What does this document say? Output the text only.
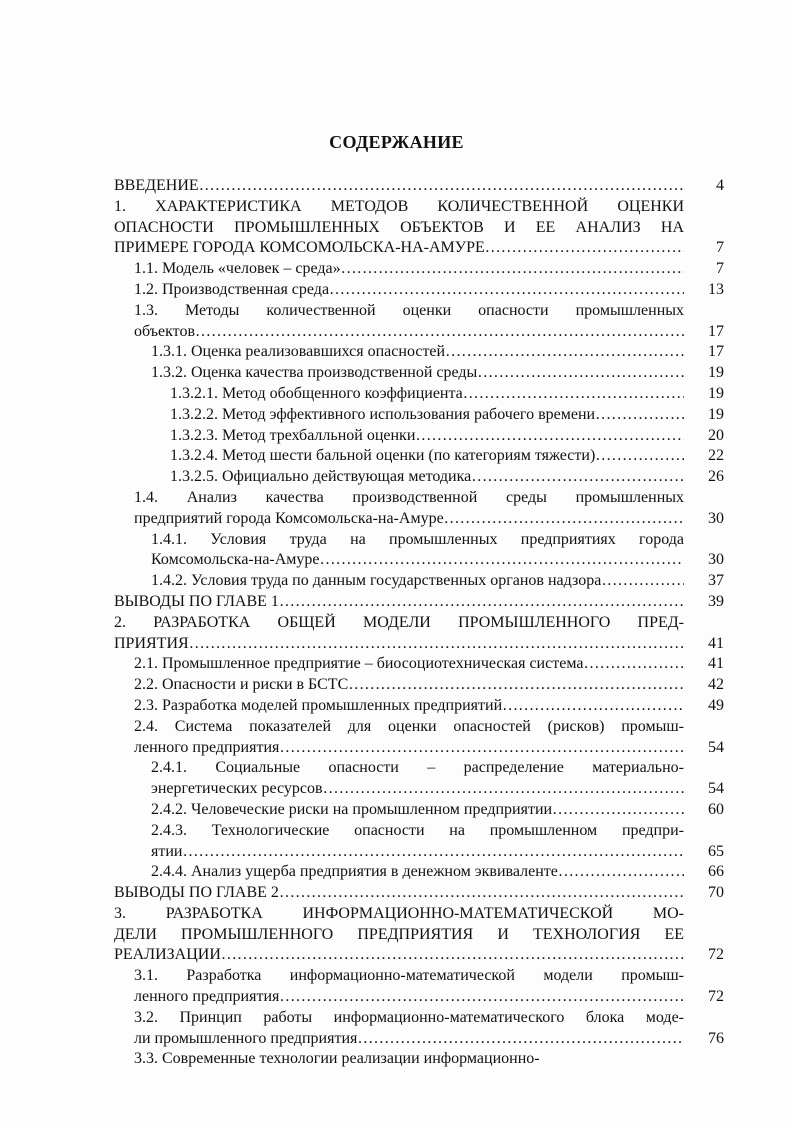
СОДЕРЖАНИЕ
ВВЕДЕНИЕ …………………………………………………………………………………………………………………………………………………………………	4
1. ХАРАКТЕРИСТИКА МЕТОДОВ КОЛИЧЕСТВЕННОЙ ОЦЕНКИ
ОПАСНОСТИ ПРОМЫШЛЕННЫХ ОБЪЕКТОВ И ЕЕ АНАЛИЗ НА
ПРИМЕРЕ ГОРОДА КОМСОМОЛЬСКА-НА-АМУРЕ …………………………………………………………………………………………………………………………………………………………………	7
1.1. Модель «человек – среда» …………………………………………………………………………………………………………………………………………………………………	7
1.2. Производственная среда …………………………………………………………………………………………………………………………………………………………………	13
1.3. Методы количественной оценки опасности промышленных
объектов …………………………………………………………………………………………………………………………………………………………………	17
1.3.1. Оценка реализовавшихся опасностей …………………………………………………………………………………………………………………………………………………………………	17
1.3.2. Оценка качества производственной среды …………………………………………………………………………………………………………………………………………………………………	19
1.3.2.1. Метод обобщенного коэффициента …………………………………………………………………………………………………………………………………………………………………	19
1.3.2.2. Метод эффективного использования рабочего времени …………………………………………………………………………………………………………………………………………………………………	19
1.3.2.3. Метод трехбалльной оценки …………………………………………………………………………………………………………………………………………………………………	20
1.3.2.4. Метод шести бальной оценки (по категориям тяжести) …………………………………………………………………………………………………………………………………………………………………	22
1.3.2.5. Официально действующая методика …………………………………………………………………………………………………………………………………………………………………	26
1.4. Анализ качества производственной среды промышленных
предприятий города Комсомольска-на-Амуре …………………………………………………………………………………………………………………………………………………………………	30
1.4.1. Условия труда на промышленных предприятиях города
Комсомольска-на-Амуре …………………………………………………………………………………………………………………………………………………………………	30
1.4.2. Условия труда по данным государственных органов надзора …………………………………………………………………………………………………………………………………………………………………	37
ВЫВОДЫ ПО ГЛАВЕ 1 …………………………………………………………………………………………………………………………………………………………………	39
2. РАЗРАБОТКА ОБЩЕЙ МОДЕЛИ ПРОМЫШЛЕННОГО ПРЕД-
ПРИЯТИЯ …………………………………………………………………………………………………………………………………………………………………	41
2.1. Промышленное предприятие – биосоциотехническая система …………………………………………………………………………………………………………………………………………………………………	41
2.2. Опасности и риски в БСТС …………………………………………………………………………………………………………………………………………………………………	42
2.3. Разработка моделей промышленных предприятий …………………………………………………………………………………………………………………………………………………………………	49
2.4. Система показателей для оценки опасностей (рисков) промыш-
ленного предприятия …………………………………………………………………………………………………………………………………………………………………	54
2.4.1. Социальные опасности – распределение материально-
энергетических ресурсов …………………………………………………………………………………………………………………………………………………………………	54
2.4.2. Человеческие риски на промышленном предприятии …………………………………………………………………………………………………………………………………………………………………	60
2.4.3. Технологические опасности на промышленном предпри-
ятии …………………………………………………………………………………………………………………………………………………………………	65
2.4.4. Анализ ущерба предприятия в денежном эквиваленте …………………………………………………………………………………………………………………………………………………………………	66
ВЫВОДЫ ПО ГЛАВЕ 2 …………………………………………………………………………………………………………………………………………………………………	70
3. РАЗРАБОТКА ИНФОРМАЦИОННО-МАТЕМАТИЧЕСКОЙ МО-
ДЕЛИ ПРОМЫШЛЕННОГО ПРЕДПРИЯТИЯ И ТЕХНОЛОГИЯ ЕЕ
РЕАЛИЗАЦИИ …………………………………………………………………………………………………………………………………………………………………	72
3.1. Разработка информационно-математической модели промыш-
ленного предприятия …………………………………………………………………………………………………………………………………………………………………	72
3.2. Принцип работы информационно-математического блока моде-
ли промышленного предприятия …………………………………………………………………………………………………………………………………………………………………	76
3.3. Современные технологии реализации информационно-
